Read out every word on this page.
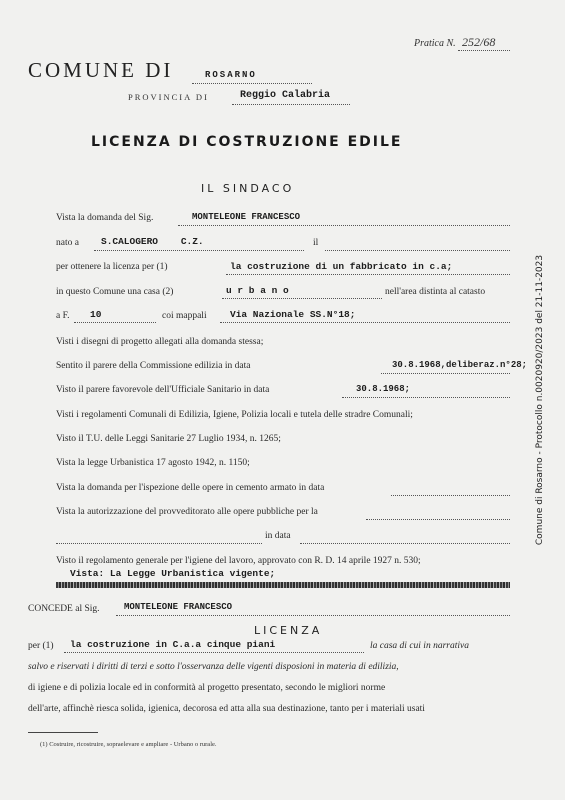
Pratica N. 252/68
COMUNE DI	ROSARNO
PROVINCIA DI	Reggio Calabria
LICENZA DI COSTRUZIONE EDILE
IL SINDACO
Vista la domanda del Sig.	MONTELEONE FRANCESCO
nato a S.CALOGERO    C.Z.	il
per ottenere la licenza per (1)	la costruzione di un fabbricato in c.a;
in questo Comune una casa (2)	u r b a n o	nell'area distinta al catasto
a F. 10	coi mappali Via Nazionale SS.N°18;
Visti i disegni di progetto allegati alla domanda stessa;
Sentito il parere della Commissione edilizia in data	30.8.1968,deliberaz.n°28;
Visto il parere favorevole dell'Ufficiale Sanitario in data	30.8.1968;
Visti i regolamenti Comunali di Edilizia, Igiene, Polizia locali e tutela delle stradre Comunali;
Visto il T.U. delle Leggi Sanitarie 27 Luglio 1934, n. 1265;
Vista la legge Urbanistica 17 agosto 1942, n. 1150;
Vista la domanda per l'ispezione delle opere in cemento armato in data
Vista la autorizzazione del provveditorato alle opere pubbliche per la
in data
Visto il regolamento generale per l'igiene del lavoro, approvato con R. D. 14 aprile 1927 n. 530;
Vista: La Legge Urbanistica vigente;
CONCEDE al Sig.	MONTELEONE FRANCESCO
LICENZA
per (1) la costruzione in C.a.a cinque piani	la casa di cui in narrativa
salvo e riservati i diritti di terzi e sotto l'osservanza delle vigenti disposioni in materia di edilizia,
di igiene e di polizia locale ed in conformità al progetto presentato, secondo le migliori norme
dell'arte, affinchè riesca solida, igienica, decorosa ed atta alla sua destinazione, tanto per i materiali usati
(1) Costruire, ricostruire, sopraelevare e ampliare - Urbano o rurale.
Comune di Rosarno - Protocollo n.0020920/2023 del 21-11-2023
